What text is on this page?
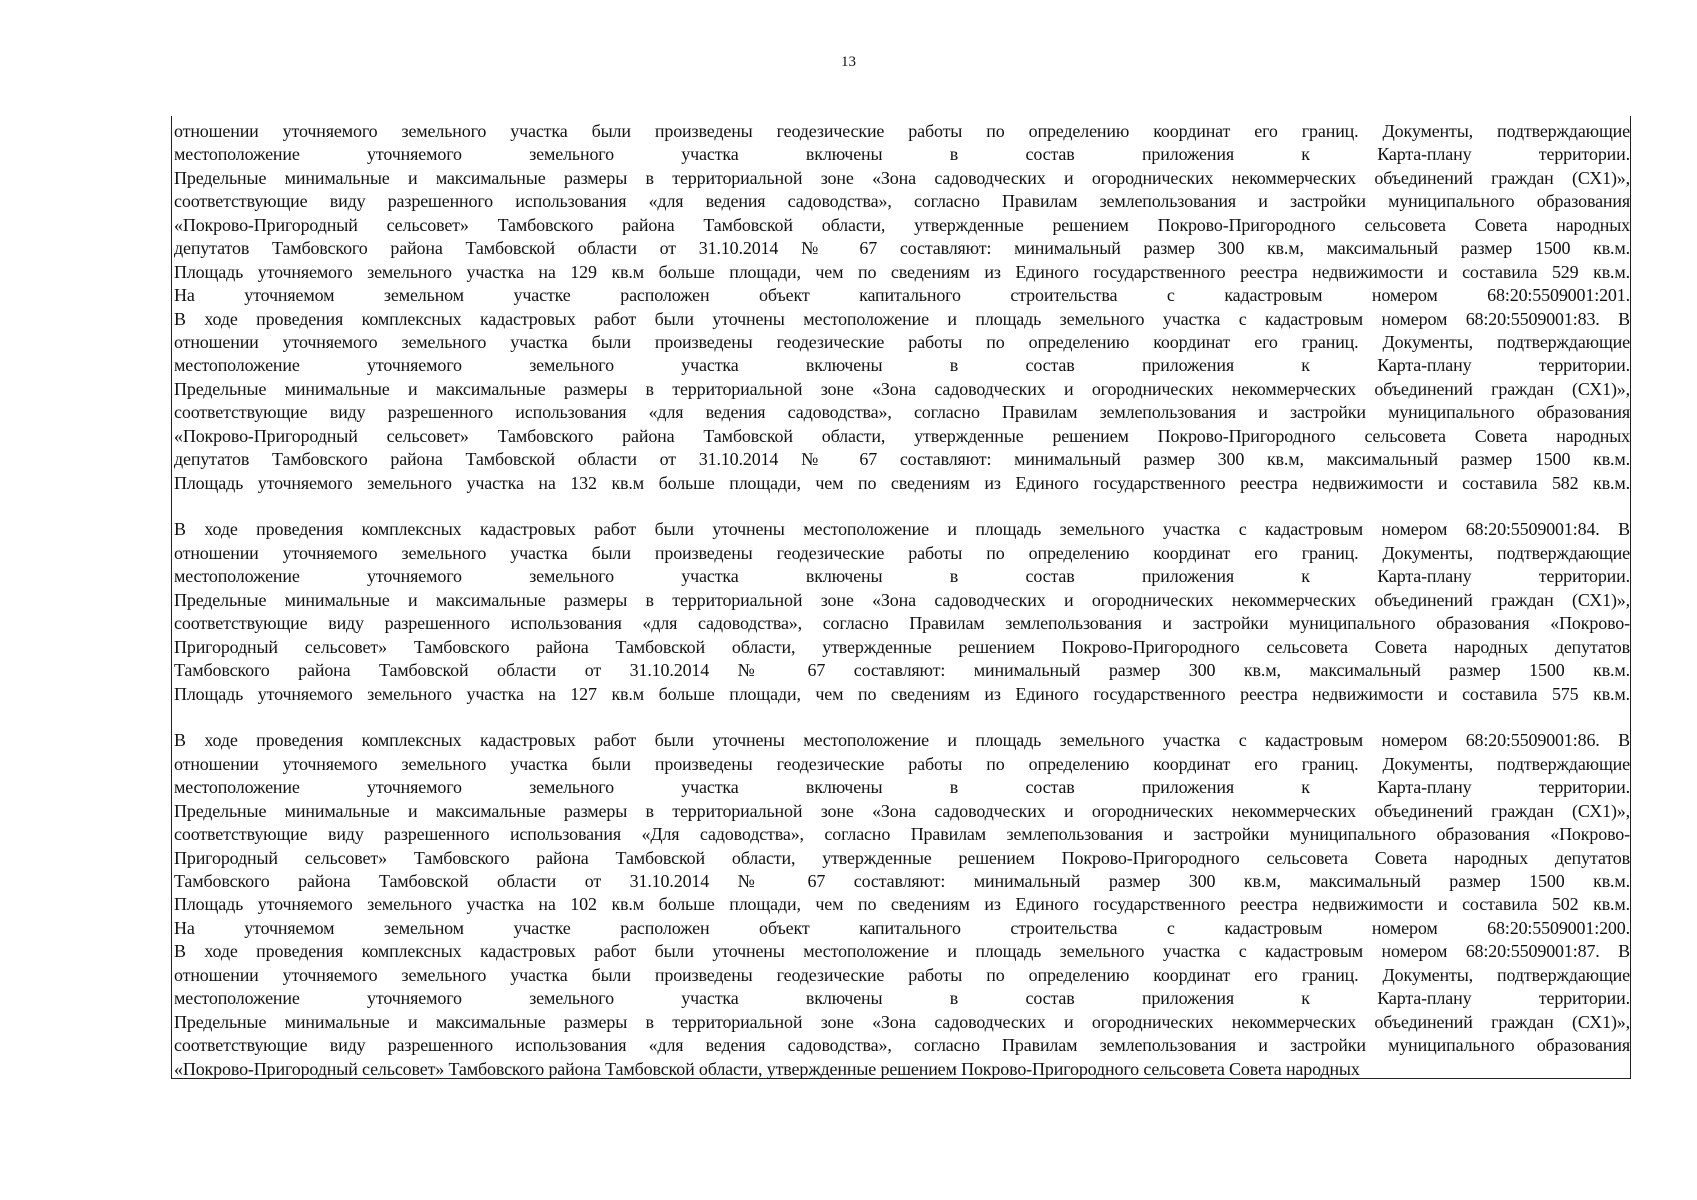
13
отношении уточняемого земельного участка были произведены геодезические работы по определению координат его границ. Документы, подтверждающие
местоположение уточняемого земельного участка включены в состав приложения к Карта-плану территории.
Предельные минимальные и максимальные размеры в территориальной зоне «Зона садоводческих и огороднических некоммерческих объединений граждан (СХ1)»,
соответствующие виду разрешенного использования «для ведения садоводства», согласно Правилам землепользования и застройки муниципального образования
«Покрово-Пригородный сельсовет» Тамбовского района Тамбовской области, утвержденные решением Покрово-Пригородного сельсовета Совета народных
депутатов Тамбовского района Тамбовской области от 31.10.2014 № 67 составляют: минимальный размер 300 кв.м, максимальный размер 1500 кв.м.
Площадь уточняемого земельного участка на 129 кв.м больше площади, чем по сведениям из Единого государственного реестра недвижимости и составила 529 кв.м.
На уточняемом земельном участке расположен объект капитального строительства с кадастровым номером 68:20:5509001:201.
В ходе проведения комплексных кадастровых работ были уточнены местоположение и площадь земельного участка с кадастровым номером 68:20:5509001:83. В
отношении уточняемого земельного участка были произведены геодезические работы по определению координат его границ. Документы, подтверждающие
местоположение уточняемого земельного участка включены в состав приложения к Карта-плану территории.
Предельные минимальные и максимальные размеры в территориальной зоне «Зона садоводческих и огороднических некоммерческих объединений граждан (СХ1)»,
соответствующие виду разрешенного использования «для ведения садоводства», согласно Правилам землепользования и застройки муниципального образования
«Покрово-Пригородный сельсовет» Тамбовского района Тамбовской области, утвержденные решением Покрово-Пригородного сельсовета Совета народных
депутатов Тамбовского района Тамбовской области от 31.10.2014 № 67 составляют: минимальный размер 300 кв.м, максимальный размер 1500 кв.м.
Площадь уточняемого земельного участка на 132 кв.м больше площади, чем по сведениям из Единого государственного реестра недвижимости и составила 582 кв.м.
В ходе проведения комплексных кадастровых работ были уточнены местоположение и площадь земельного участка с кадастровым номером 68:20:5509001:84. В
отношении уточняемого земельного участка были произведены геодезические работы по определению координат его границ. Документы, подтверждающие
местоположение уточняемого земельного участка включены в состав приложения к Карта-плану территории.
Предельные минимальные и максимальные размеры в территориальной зоне «Зона садоводческих и огороднических некоммерческих объединений граждан (СХ1)»,
соответствующие виду разрешенного использования «для садоводства», согласно Правилам землепользования и застройки муниципального образования «Покрово-
Пригородный сельсовет» Тамбовского района Тамбовской области, утвержденные решением Покрово-Пригородного сельсовета Совета народных депутатов
Тамбовского района Тамбовской области от 31.10.2014 № 67 составляют: минимальный размер 300 кв.м, максимальный размер 1500 кв.м.
Площадь уточняемого земельного участка на 127 кв.м больше площади, чем по сведениям из Единого государственного реестра недвижимости и составила 575 кв.м.
В ходе проведения комплексных кадастровых работ были уточнены местоположение и площадь земельного участка с кадастровым номером 68:20:5509001:86. В
отношении уточняемого земельного участка были произведены геодезические работы по определению координат его границ. Документы, подтверждающие
местоположение уточняемого земельного участка включены в состав приложения к Карта-плану территории.
Предельные минимальные и максимальные размеры в территориальной зоне «Зона садоводческих и огороднических некоммерческих объединений граждан (СХ1)»,
соответствующие виду разрешенного использования «Для садоводства», согласно Правилам землепользования и застройки муниципального образования «Покрово-
Пригородный сельсовет» Тамбовского района Тамбовской области, утвержденные решением Покрово-Пригородного сельсовета Совета народных депутатов
Тамбовского района Тамбовской области от 31.10.2014 № 67 составляют: минимальный размер 300 кв.м, максимальный размер 1500 кв.м.
Площадь уточняемого земельного участка на 102 кв.м больше площади, чем по сведениям из Единого государственного реестра недвижимости и составила 502 кв.м.
На уточняемом земельном участке расположен объект капитального строительства с кадастровым номером 68:20:5509001:200.
В ходе проведения комплексных кадастровых работ были уточнены местоположение и площадь земельного участка с кадастровым номером 68:20:5509001:87. В
отношении уточняемого земельного участка были произведены геодезические работы по определению координат его границ. Документы, подтверждающие
местоположение уточняемого земельного участка включены в состав приложения к Карта-плану территории.
Предельные минимальные и максимальные размеры в территориальной зоне «Зона садоводческих и огороднических некоммерческих объединений граждан (СХ1)»,
соответствующие виду разрешенного использования «для ведения садоводства», согласно Правилам землепользования и застройки муниципального образования
«Покрово-Пригородный сельсовет» Тамбовского района Тамбовской области, утвержденные решением Покрово-Пригородного сельсовета Совета народных
